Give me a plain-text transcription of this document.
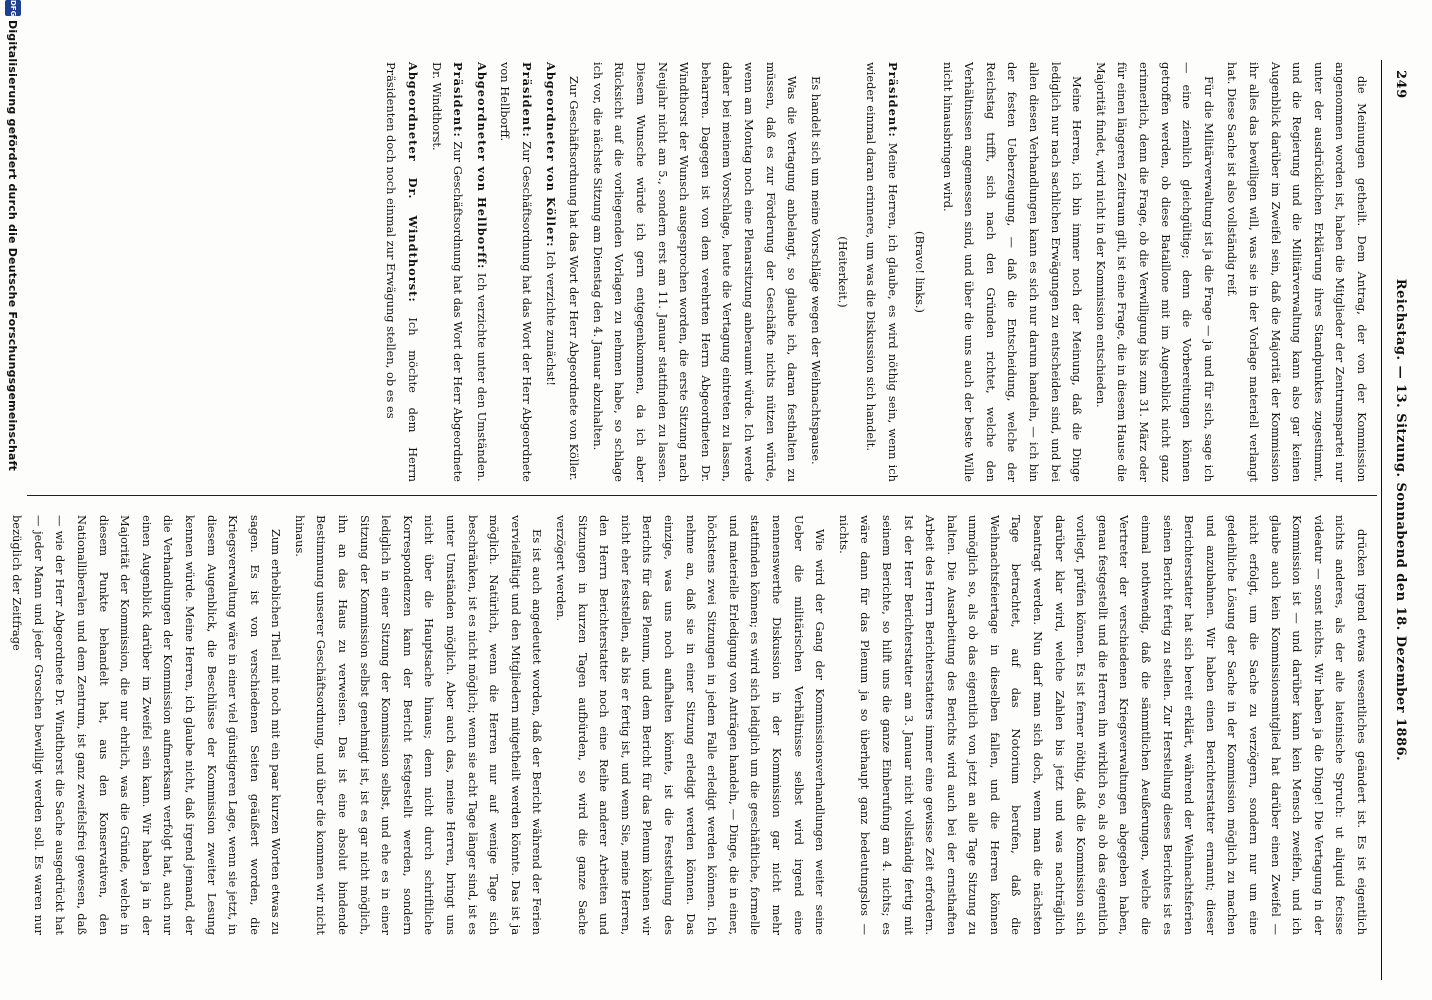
Reichstag. — 13. Sitzung. Sonnabend den 18. Dezember 1886.
249

die Meinungen getheilt. Dem Antrag, der von der Kommission angenommen worden ist, haben die Mitglieder der Zentrumspartei nur unter der ausdrücklichen Erklärung ihres Standpunktes zugestimmt, und die Regierung und die Militärverwaltung kann also gar keinen Augenblick darüber im Zweifel sein, daß die Majorität der Kommission ihr alles das bewilligen will, was sie in der Vorlage materiell verlangt hat. Diese Sache ist also vollständig reif.

Für die Militärverwaltung ist ja die Frage — ja und für sich, sage ich — eine ziemlich gleichgültige; denn die Vorbereitungen können getroffen werden, ob diese Bataillone mit im Augenblick nicht ganz erinnerlich, denn die Frage, ob die Verwilligung bis zum 31. März oder für einen längeren Zeitraum gilt, ist eine Frage, die in diesem Hause die Majorität findet, wird nicht in der Kommission entschieden.

Meine Herren, ich bin immer noch der Meinung, daß die Dinge lediglich nur nach sachlichen Erwägungen zu entscheiden sind, und bei allen diesen Verhandlungen kann es sich nur darum handeln, — ich bin der festen Ueberzeugung, — daß die Entscheidung, welche der Reichstag trifft, sich nach den Gründen richtet, welche den Verhältnissen angemessen sind, und über die uns auch der beste Wille nicht hinausbringen wird.

(Bravo! links.)

Präsident: Meine Herren, ich glaube, es wird nöthig sein, wenn ich wieder einmal daran erinnere, um was die Diskussion sich handelt.

(Heiterkeit.)

Es handelt sich um meine Vorschläge wegen der Weihnachtspause.

Was die Vertagung anbelangt, so glaube ich, daran festhalten zu müssen, daß es zur Förderung der Geschäfte nichts nützen würde, wenn am Montag noch eine Plenarsitzung anberaumt würde. Ich werde daher bei meinem Vorschlage, heute die Vertagung eintreten zu lassen, beharren. Dagegen ist von dem verehrten Herrn Abgeordneten Dr. Windthorst der Wunsch ausgesprochen worden, die erste Sitzung nach Neujahr nicht am 5., sondern erst am 11. Januar stattfinden zu lassen. Diesem Wunsche würde ich gern entgegenkommen, da ich aber Rücksicht auf die vorliegenden Vorlagen zu nehmen habe, so schlage ich vor, die nächste Sitzung am Dienstag den 4. Januar abzuhalten.

Zur Geschäftsordnung hat das Wort der Herr Abgeordnete von Köller.

Abgeordneter von Köller: Ich verzichte zunächst!

Präsident: Zur Geschäftsordnung hat das Wort der Herr Abgeordnete von Hellborff.

Abgeordneter von Hellborff: Ich verzichte unter den Umständen.

Präsident: Zur Geschäftsordnung hat das Wort der Herr Abgeordnete Dr. Windthorst.

Abgeordneter Dr. Windthorst: Ich möchte dem Herrn Präsidenten doch noch einmal zur Erwägung stellen, ob es es

drücken irgend etwas wesentliches geändert ist. Es ist eigentlich nichts anderes, als der alte lateinische Spruch: ut aliquid fecisse videatur — sonst nichts. Wir haben ja die Dinge! Die Vertagung in der Kommission ist — und darüber kann kein Mensch zweifeln, und ich glaube auch kein Kommissionsmitglied hat darüber einen Zweifel — nicht erfolgt, um die Sache zu verzögern, sondern nur um eine gedeihliche Lösung der Sache in der Kommission möglich zu machen und anzubahnen. Wir haben einen Berichterstatter ernannt; dieser Berichterstatter hat sich bereit erklärt, während der Weihnachtsferien seinen Bericht fertig zu stellen. Zur Herstellung dieses Berichtes ist es einmal nothwendig, daß die sämmtlichen Aeußerungen, welche die Vertreter der verschiedenen Kriegsverwaltungen abgegeben haben, genau festgestellt und die Herren ihn wirklich so, als ob das eigentlich vorliegt, prüfen können. Es ist ferner nöthig, daß die Kommission sich darüber klar wird, welche Zahlen bis jetzt und was nachträglich beantragt werden. Nun darf man sich doch, wenn man die nächsten Tage betrachtet, auf das Notorium berufen, daß die Weihnachtsfeiertage in dieselben fallen, und die Herren können unmöglich so, als ob das eigentlich von jetzt an alle Tage Sitzung zu halten. Die Ausarbeitung des Berichts wird auch bei der ernsthaften Arbeit des Herrn Berichterstatters immer eine gewisse Zeit erfordern. Ist der Herr Berichterstatter am 3. Januar nicht vollständig fertig mit seinem Berichte, so hilft uns die ganze Einberufung am 4. nichts; es wäre dann für das Plenum ja so überhaupt ganz bedeutungslos — nichts.

Wie wird der Gang der Kommissionsverhandlungen weiter seine Ueber die militärischen Verhältnisse selbst wird irgend eine nennenswerthe Diskussion in der Kommission gar nicht mehr stattfinden können; es wird sich lediglich um die geschäftliche, formelle und materielle Erledigung von Anträgen handeln, — Dinge, die in einer, höchstens zwei Sitzungen in jedem Falle erledigt werden können. Ich nehme an, daß sie in einer Sitzung erledigt werden können. Das einzige, was uns noch aufhalten könnte, ist die Feststellung des Berichts für das Plenum, und dem Bericht für das Plenum können wir nicht eher feststellen, als bis er fertig ist, und wenn Sie, meine Herren, den Herrn Berichterstatter noch eine Reihe anderer Arbeiten und Sitzungen in kurzen Tagen aufbürden, so wird die ganze Sache verzögert werden.

Es ist auch angedeutet worden, daß der Bericht während der Ferien vervielfältigt und den Mitgliedern mitgetheilt werden könnte. Das ist ja möglich. Natürlich, wenn die Herren nur auf wenige Tage sich beschränken, ist es nicht möglich; wenn sie acht Tage länger sind, ist es unter Umständen möglich. Aber auch das, meine Herren, bringt uns nicht über die Hauptsache hinaus; denn nicht durch schriftliche Korrespondenzen kann der Bericht festgestellt werden, sondern lediglich in einer Sitzung der Kommission selbst, und ehe es in einer Sitzung der Kommission selbst genehmigt ist, ist es gar nicht möglich, ihn an das Haus zu verweisen. Das ist eine absolut bindende Bestimmung unserer Geschäftsordnung, und über die kommen wir nicht hinaus.

Zum erheblichen Theil mit noch mit ein paar kurzen Worten etwas zu sagen. Es ist von verschiedenen Seiten geäußert worden, die Kriegsverwaltung wäre in einer viel günstigeren Lage, wenn sie jetzt, in diesem Augenblick, die Beschlüsse der Kommission zweiter Lesung kennen würde. Meine Herren, ich glaube nicht, daß irgend jemand, der die Verhandlungen der Kommission aufmerksam verfolgt hat, auch nur einen Augenblick darüber im Zweifel sein kann. Wir haben ja in der Majorität der Kommission, die nur ehrlich, was die Gründe, welche in diesem Punkte behandelt hat, aus den Konservativen, den Nationalliberalen und dem Zentrum, ist ganz zweifelsfrei gewesen, daß — wie der Herr Abgeordnete Dr. Windthorst die Sache ausgedrückt hat — jeder Mann und jeder Groschen bewilligt werden soll. Es waren nur bezüglich der Zeitfrage

DFG
Digitalisierung gefördert durch die Deutsche Forschungsgemeinschaft
